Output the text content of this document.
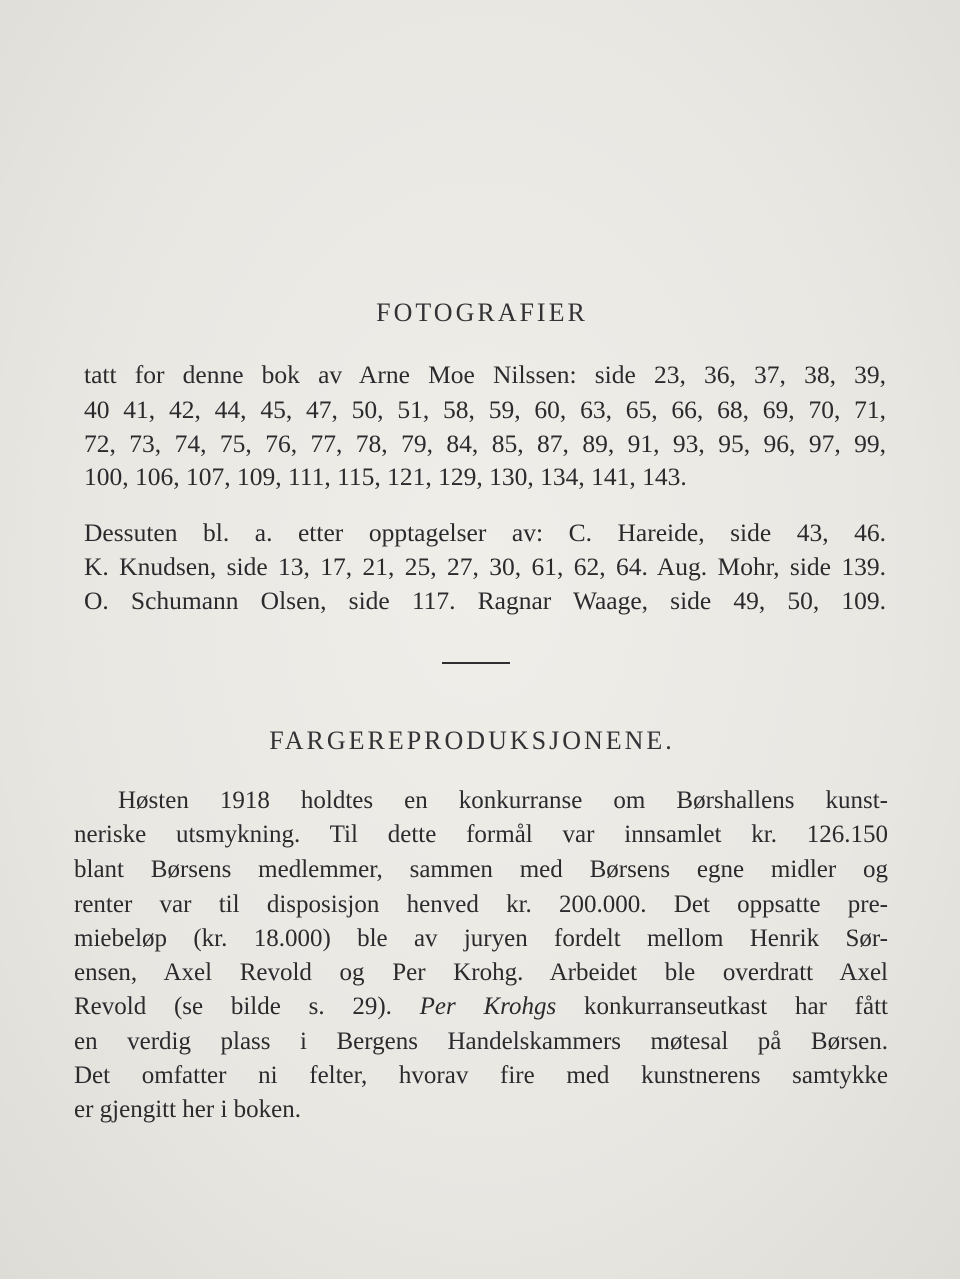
FOTOGRAFIER
tatt for denne bok av Arne Moe Nilssen: side 23, 36, 37, 38, 39,
40 41, 42, 44, 45, 47, 50, 51, 58, 59, 60, 63, 65, 66, 68, 69, 70, 71,
72, 73, 74, 75, 76, 77, 78, 79, 84, 85, 87, 89, 91, 93, 95, 96, 97, 99,
100, 106, 107, 109, 111, 115, 121, 129, 130, 134, 141, 143.
Dessuten bl. a. etter opptagelser av: C. Hareide, side 43, 46.
K. Knudsen, side 13, 17, 21, 25, 27, 30, 61, 62, 64. Aug. Mohr, side 139.
O. Schumann Olsen, side 117. Ragnar Waage, side 49, 50, 109.
FARGEREPRODUKSJONENE.
Høsten 1918 holdtes en konkurranse om Børshallens kunst-
neriske utsmykning. Til dette formål var innsamlet kr. 126.150
blant Børsens medlemmer, sammen med Børsens egne midler og
renter var til disposisjon henved kr. 200.000. Det oppsatte pre-
miebeløp (kr. 18.000) ble av juryen fordelt mellom Henrik Sør-
ensen, Axel Revold og Per Krohg. Arbeidet ble overdratt Axel
Revold (se bilde s. 29). Per Krohgs konkurranseutkast har fått
en verdig plass i Bergens Handelskammers møtesal på Børsen.
Det omfatter ni felter, hvorav fire med kunstnerens samtykke
er gjengitt her i boken.
